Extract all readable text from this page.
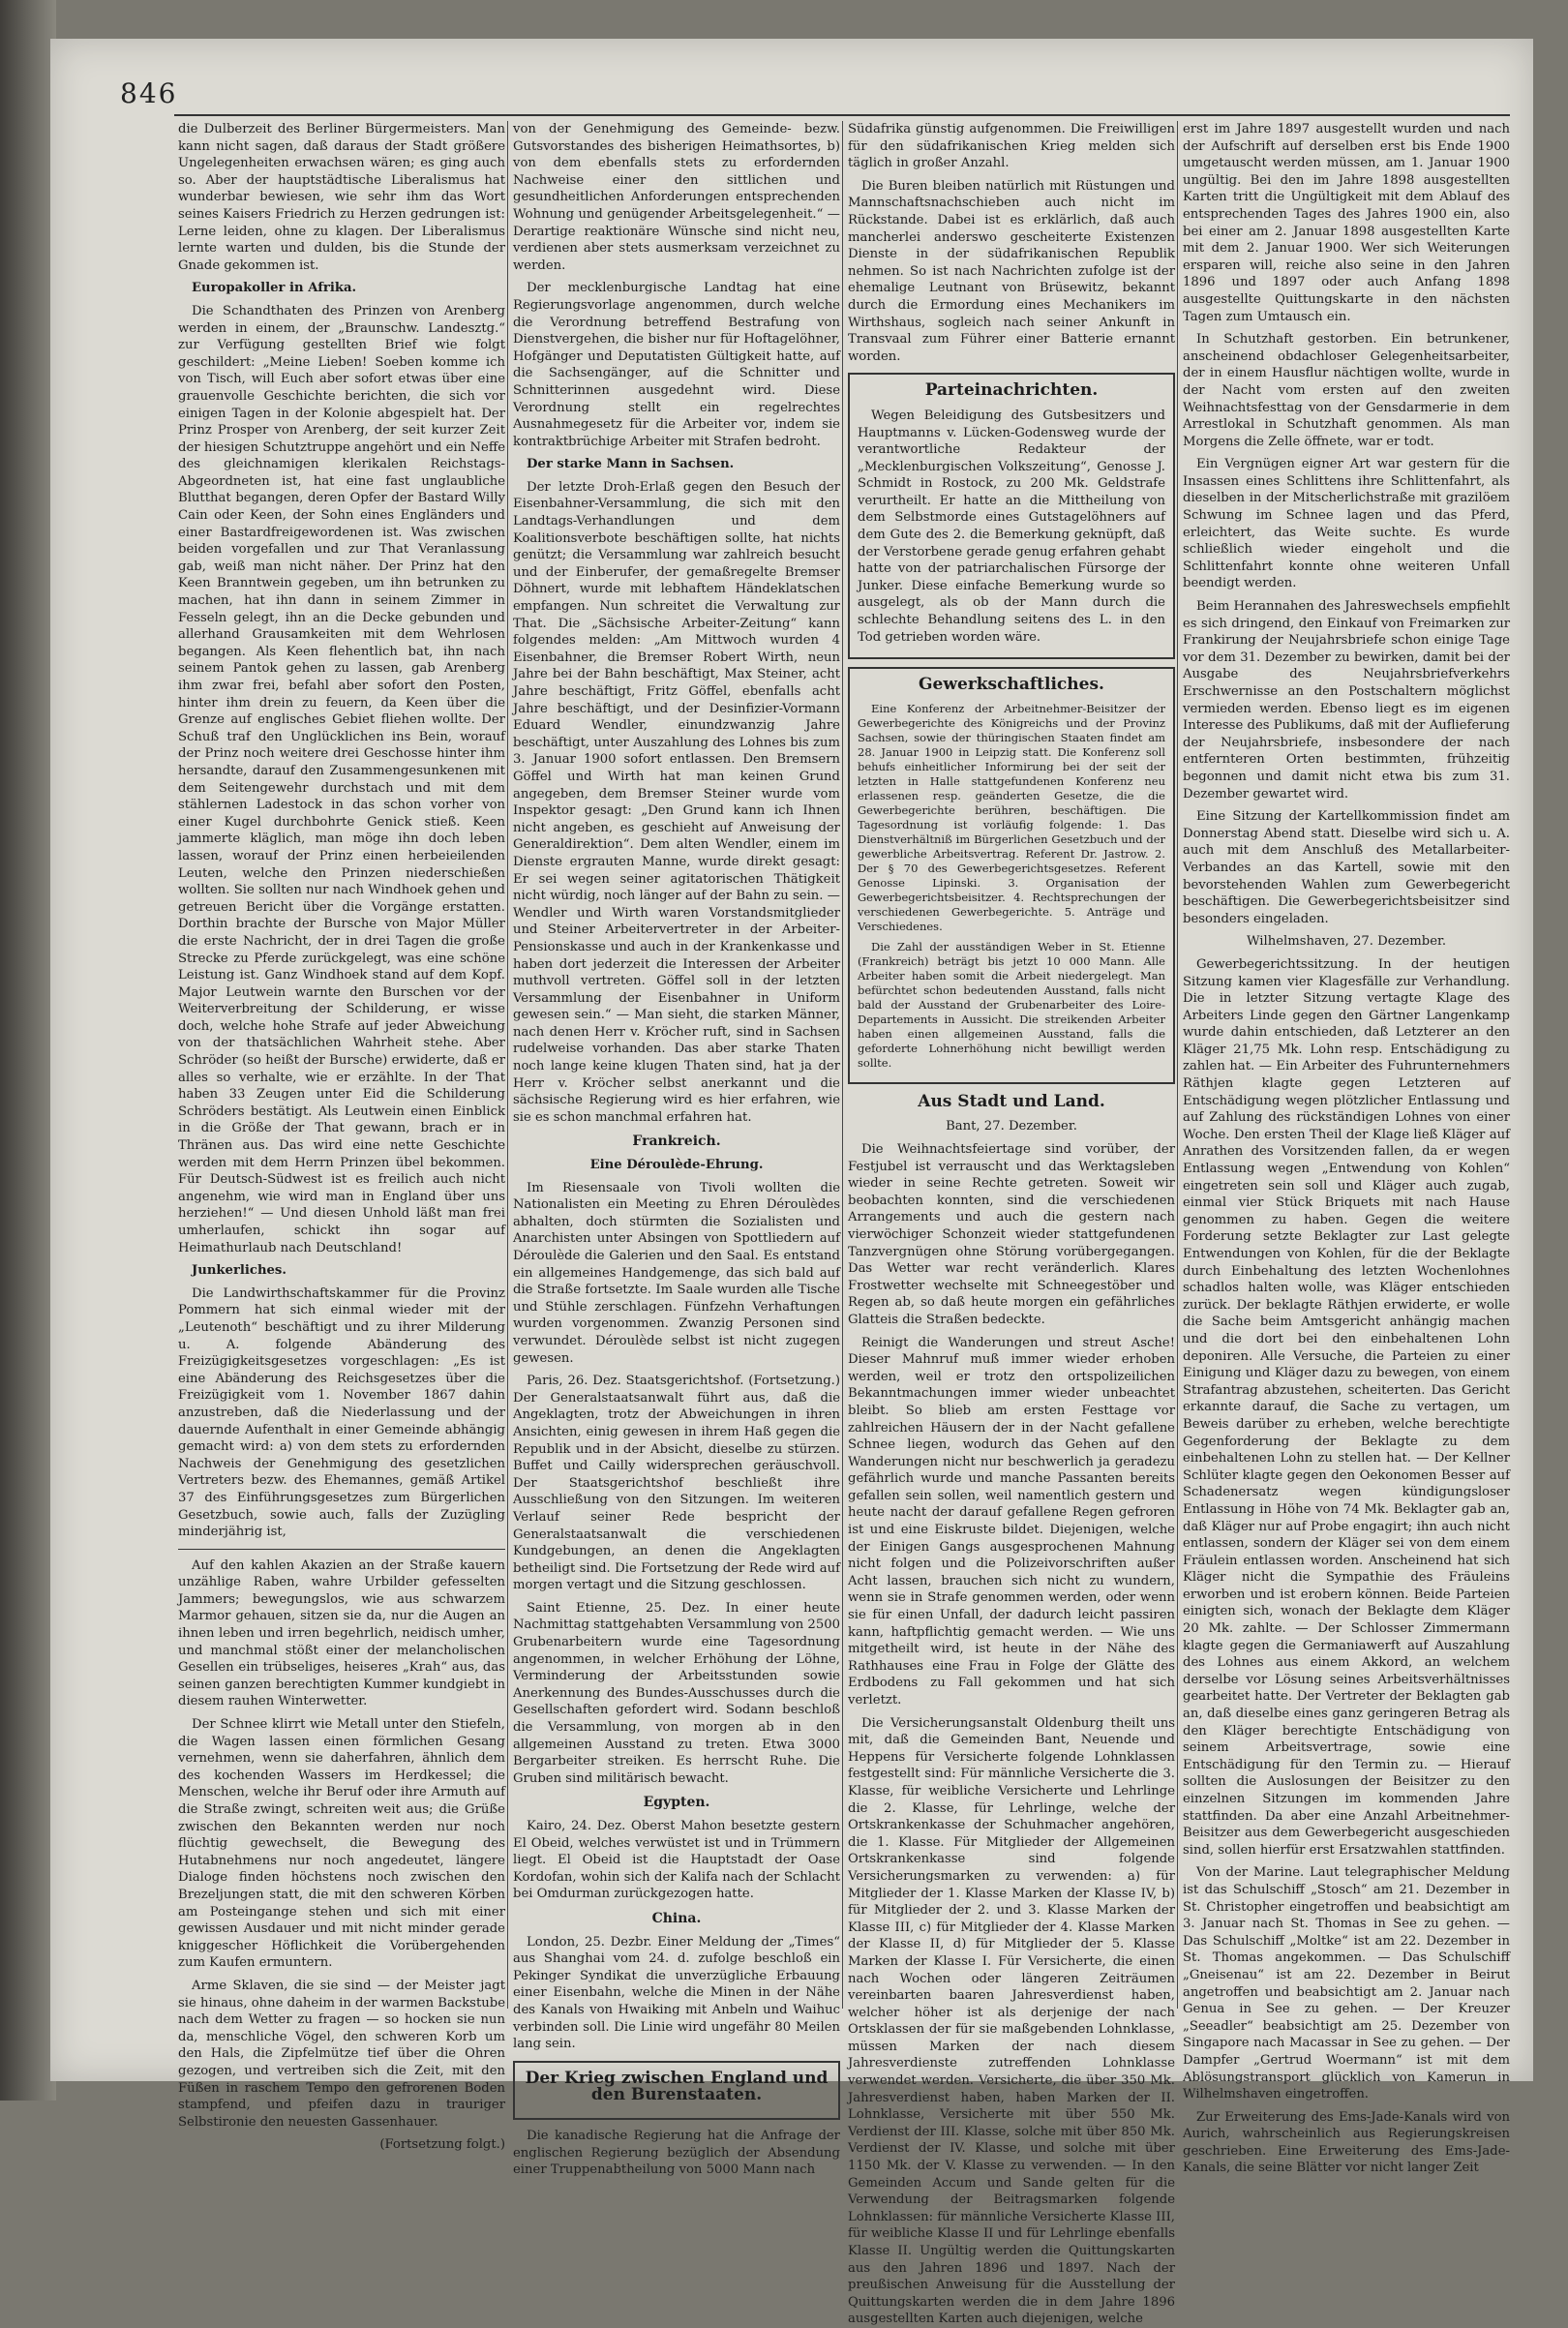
846

die Dulberzeit des Berliner Bürgermeisters. Man kann nicht sagen, daß daraus der Stadt größere Ungelegenheiten erwachsen wären; es ging auch so. Aber der hauptstädtische Liberalismus hat wunderbar bewiesen, wie sehr ihm das Wort seines Kaisers Friedrich zu Herzen gedrungen ist: Lerne leiden, ohne zu klagen. Der Liberalismus lernte warten und dulden, bis die Stunde der Gnade gekommen ist.

Europakoller in Afrika.

Die Schandthaten des Prinzen von Arenberg werden in einem, der „Braunschw. Landesztg.“ zur Verfügung gestellten Brief wie folgt geschildert: „Meine Lieben! Soeben komme ich von Tisch, will Euch aber sofort etwas über eine grauenvolle Geschichte berichten, die sich vor einigen Tagen in der Kolonie abgespielt hat. Der Prinz Prosper von Arenberg, der seit kurzer Zeit der hiesigen Schutztruppe angehört und ein Neffe des gleichnamigen klerikalen Reichstags-Abgeordneten ist, hat eine fast unglaubliche Blutthat begangen, deren Opfer der Bastard Willy Cain oder Keen, der Sohn eines Engländers und einer Bastardfreigewordenen ist. Was zwischen beiden vorgefallen und zur That Veranlassung gab, weiß man nicht näher. Der Prinz hat den Keen Branntwein gegeben, um ihn betrunken zu machen, hat ihn dann in seinem Zimmer in Fesseln gelegt, ihn an die Decke gebunden und allerhand Grausamkeiten mit dem Wehrlosen begangen. Als Keen flehentlich bat, ihn nach seinem Pantok gehen zu lassen, gab Arenberg ihm zwar frei, befahl aber sofort den Posten, hinter ihm drein zu feuern, da Keen über die Grenze auf englisches Gebiet fliehen wollte. Der Schuß traf den Unglücklichen ins Bein, worauf der Prinz noch weitere drei Geschosse hinter ihm hersandte, darauf den Zusammengesunkenen mit dem Seitengewehr durchstach und mit dem stählernen Ladestock in das schon vorher von einer Kugel durchbohrte Genick stieß. Keen jammerte kläglich, man möge ihn doch leben lassen, worauf der Prinz einen herbeieilenden Leuten, welche den Prinzen niederschießen wollten. Sie sollten nur nach Windhoek gehen und getreuen Bericht über die Vorgänge erstatten. Dorthin brachte der Bursche von Major Müller die erste Nachricht, der in drei Tagen die große Strecke zu Pferde zurückgelegt, was eine schöne Leistung ist. Ganz Windhoek stand auf dem Kopf. Major Leutwein warnte den Burschen vor der Weiterverbreitung der Schilderung, er wisse doch, welche hohe Strafe auf jeder Abweichung von der thatsächlichen Wahrheit stehe. Aber Schröder (so heißt der Bursche) erwiderte, daß er alles so verhalte, wie er erzählte. In der That haben 33 Zeugen unter Eid die Schilderung Schröders bestätigt. Als Leutwein einen Einblick in die Größe der That gewann, brach er in Thränen aus. Das wird eine nette Geschichte werden mit dem Herrn Prinzen übel bekommen. Für Deutsch-Südwest ist es freilich auch nicht angenehm, wie wird man in England über uns herziehen!“ — Und diesen Unhold läßt man frei umherlaufen, schickt ihn sogar auf Heimathurlaub nach Deutschland!

Junkerliches.

Die Landwirthschaftskammer für die Provinz Pommern hat sich einmal wieder mit der „Leutenoth“ beschäftigt und zu ihrer Milderung u. A. folgende Abänderung des Freizügigkeitsgesetzes vorgeschlagen: „Es ist eine Abänderung des Reichsgesetzes über die Freizügigkeit vom 1. November 1867 dahin anzustreben, daß die Niederlassung und der dauernde Aufenthalt in einer Gemeinde abhängig gemacht wird: a) von dem stets zu erfordernden Nachweis der Genehmigung des gesetzlichen Vertreters bezw. des Ehemannes, gemäß Artikel 37 des Einführungsgesetzes zum Bürgerlichen Gesetzbuch, sowie auch, falls der Zuzügling minderjährig ist,

Auf den kahlen Akazien an der Straße kauern unzählige Raben, wahre Urbilder gefesselten Jammers; bewegungslos, wie aus schwarzem Marmor gehauen, sitzen sie da, nur die Augen an ihnen leben und irren begehrlich, neidisch umher, und manchmal stößt einer der melancholischen Gesellen ein trübseliges, heiseres „Krah“ aus, das seinen ganzen berechtigten Kummer kundgiebt in diesem rauhen Winterwetter.

Der Schnee klirrt wie Metall unter den Stiefeln, die Wagen lassen einen förmlichen Gesang vernehmen, wenn sie daherfahren, ähnlich dem des kochenden Wassers im Herdkessel; die Menschen, welche ihr Beruf oder ihre Armuth auf die Straße zwingt, schreiten weit aus; die Grüße zwischen den Bekannten werden nur noch flüchtig gewechselt, die Bewegung des Hutabnehmens nur noch angedeutet, längere Dialoge finden höchstens noch zwischen den Brezeljungen statt, die mit den schweren Körben am Posteingange stehen und sich mit einer gewissen Ausdauer und mit nicht minder gerade kniggescher Höflichkeit die Vorübergehenden zum Kaufen ermuntern.

Arme Sklaven, die sie sind — der Meister jagt sie hinaus, ohne daheim in der warmen Backstube nach dem Wetter zu fragen — so hocken sie nun da, menschliche Vögel, den schweren Korb um den Hals, die Zipfelmütze tief über die Ohren gezogen, und vertreiben sich die Zeit, mit den Füßen in raschem Tempo den gefrorenen Boden stampfend, und pfeifen dazu in trauriger Selbstironie den neuesten Gassenhauer.

(Fortsetzung folgt.)

von der Genehmigung des Gemeinde- bezw. Gutsvorstandes des bisherigen Heimathsortes, b) von dem ebenfalls stets zu erfordernden Nachweise einer den sittlichen und gesundheitlichen Anforderungen entsprechenden Wohnung und genügender Arbeitsgelegenheit.“ — Derartige reaktionäre Wünsche sind nicht neu, verdienen aber stets ausmerksam verzeichnet zu werden.

Der mecklenburgische Landtag hat eine Regierungsvorlage angenommen, durch welche die Verordnung betreffend Bestrafung von Dienstvergehen, die bisher nur für Hoftagelöhner, Hofgänger und Deputatisten Gültigkeit hatte, auf die Sachsengänger, auf die Schnitter und Schnitterinnen ausgedehnt wird. Diese Verordnung stellt ein regelrechtes Ausnahmegesetz für die Arbeiter vor, indem sie kontraktbrüchige Arbeiter mit Strafen bedroht.

Der starke Mann in Sachsen.

Der letzte Droh-Erlaß gegen den Besuch der Eisenbahner-Versammlung, die sich mit den Landtags-Verhandlungen und dem Koalitionsverbote beschäftigen sollte, hat nichts genützt; die Versammlung war zahlreich besucht und der Einberufer, der gemaßregelte Bremser Döhnert, wurde mit lebhaftem Händeklatschen empfangen. Nun schreitet die Verwaltung zur That. Die „Sächsische Arbeiter-Zeitung“ kann folgendes melden: „Am Mittwoch wurden 4 Eisenbahner, die Bremser Robert Wirth, neun Jahre bei der Bahn beschäftigt, Max Steiner, acht Jahre beschäftigt, Fritz Göffel, ebenfalls acht Jahre beschäftigt, und der Desinfizier-Vormann Eduard Wendler, einundzwanzig Jahre beschäftigt, unter Auszahlung des Lohnes bis zum 3. Januar 1900 sofort entlassen. Den Bremsern Göffel und Wirth hat man keinen Grund angegeben, dem Bremser Steiner wurde vom Inspektor gesagt: „Den Grund kann ich Ihnen nicht angeben, es geschieht auf Anweisung der Generaldirektion“. Dem alten Wendler, einem im Dienste ergrauten Manne, wurde direkt gesagt: Er sei wegen seiner agitatorischen Thätigkeit nicht würdig, noch länger auf der Bahn zu sein. — Wendler und Wirth waren Vorstandsmitglieder und Steiner Arbeitervertreter in der Arbeiter-Pensionskasse und auch in der Krankenkasse und haben dort jederzeit die Interessen der Arbeiter muthvoll vertreten. Göffel soll in der letzten Versammlung der Eisenbahner in Uniform gewesen sein.“ — Man sieht, die starken Männer, nach denen Herr v. Kröcher ruft, sind in Sachsen rudelweise vorhanden. Das aber starke Thaten noch lange keine klugen Thaten sind, hat ja der Herr v. Kröcher selbst anerkannt und die sächsische Regierung wird es hier erfahren, wie sie es schon manchmal erfahren hat.

Frankreich.

Eine Déroulède-Ehrung.

Im Riesensaale von Tivoli wollten die Nationalisten ein Meeting zu Ehren Déroulèdes abhalten, doch stürmten die Sozialisten und Anarchisten unter Absingen von Spottliedern auf Déroulède die Galerien und den Saal. Es entstand ein allgemeines Handgemenge, das sich bald auf die Straße fortsetzte. Im Saale wurden alle Tische und Stühle zerschlagen. Fünfzehn Verhaftungen wurden vorgenommen. Zwanzig Personen sind verwundet. Déroulède selbst ist nicht zugegen gewesen.

Paris, 26. Dez. Staatsgerichtshof. (Fortsetzung.) Der Generalstaatsanwalt führt aus, daß die Angeklagten, trotz der Abweichungen in ihren Ansichten, einig gewesen in ihrem Haß gegen die Republik und in der Absicht, dieselbe zu stürzen. Buffet und Cailly widersprechen geräuschvoll. Der Staatsgerichtshof beschließt ihre Ausschließung von den Sitzungen. Im weiteren Verlauf seiner Rede bespricht der Generalstaatsanwalt die verschiedenen Kundgebungen, an denen die Angeklagten betheiligt sind. Die Fortsetzung der Rede wird auf morgen vertagt und die Sitzung geschlossen.

Saint Etienne, 25. Dez. In einer heute Nachmittag stattgehabten Versammlung von 2500 Grubenarbeitern wurde eine Tagesordnung angenommen, in welcher Erhöhung der Löhne, Verminderung der Arbeitsstunden sowie Anerkennung des Bundes-Ausschusses durch die Gesellschaften gefordert wird. Sodann beschloß die Versammlung, von morgen ab in den allgemeinen Ausstand zu treten. Etwa 3000 Bergarbeiter streiken. Es herrscht Ruhe. Die Gruben sind militärisch bewacht.

Egypten.

Kairo, 24. Dez. Oberst Mahon besetzte gestern El Obeid, welches verwüstet ist und in Trümmern liegt. El Obeid ist die Hauptstadt der Oase Kordofan, wohin sich der Kalifa nach der Schlacht bei Omdurman zurückgezogen hatte.

China.

London, 25. Dezbr. Einer Meldung der „Times“ aus Shanghai vom 24. d. zufolge beschloß ein Pekinger Syndikat die unverzügliche Erbauung einer Eisenbahn, welche die Minen in der Nähe des Kanals von Hwaiking mit Anbeln und Waihuc verbinden soll. Die Linie wird ungefähr 80 Meilen lang sein.

Der Krieg zwischen England und den Burenstaaten.

Die kanadische Regierung hat die Anfrage der englischen Regierung bezüglich der Absendung einer Truppenabtheilung von 5000 Mann nach

Südafrika günstig aufgenommen. Die Freiwilligen für den südafrikanischen Krieg melden sich täglich in großer Anzahl.

Die Buren bleiben natürlich mit Rüstungen und Mannschaftsnachschieben auch nicht im Rückstande. Dabei ist es erklärlich, daß auch mancherlei anderswo gescheiterte Existenzen Dienste in der südafrikanischen Republik nehmen. So ist nach Nachrichten zufolge ist der ehemalige Leutnant von Brüsewitz, bekannt durch die Ermordung eines Mechanikers im Wirthshaus, sogleich nach seiner Ankunft in Transvaal zum Führer einer Batterie ernannt worden.

Parteinachrichten.

Wegen Beleidigung des Gutsbesitzers und Hauptmanns v. Lücken-Godensweg wurde der verantwortliche Redakteur der „Mecklenburgischen Volkszeitung“, Genosse J. Schmidt in Rostock, zu 200 Mk. Geldstrafe verurtheilt. Er hatte an die Mittheilung von dem Selbstmorde eines Gutstagelöhners auf dem Gute des 2. die Bemerkung geknüpft, daß der Verstorbene gerade genug erfahren gehabt hatte von der patriarchalischen Fürsorge der Junker. Diese einfache Bemerkung wurde so ausgelegt, als ob der Mann durch die schlechte Behandlung seitens des L. in den Tod getrieben worden wäre.

Gewerkschaftliches.

Eine Konferenz der Arbeitnehmer-Beisitzer der Gewerbegerichte des Königreichs und der Provinz Sachsen, sowie der thüringischen Staaten findet am 28. Januar 1900 in Leipzig statt. Die Konferenz soll behufs einheitlicher Informirung bei der seit der letzten in Halle stattgefundenen Konferenz neu erlassenen resp. geänderten Gesetze, die die Gewerbegerichte berühren, beschäftigen. Die Tagesordnung ist vorläufig folgende: 1. Das Dienstverhältniß im Bürgerlichen Gesetzbuch und der gewerbliche Arbeitsvertrag. Referent Dr. Jastrow. 2. Der § 70 des Gewerbegerichtsgesetzes. Referent Genosse Lipinski. 3. Organisation der Gewerbegerichtsbeisitzer. 4. Rechtsprechungen der verschiedenen Gewerbegerichte. 5. Anträge und Verschiedenes.

Die Zahl der ausständigen Weber in St. Etienne (Frankreich) beträgt bis jetzt 10 000 Mann. Alle Arbeiter haben somit die Arbeit niedergelegt. Man befürchtet schon bedeutenden Ausstand, falls nicht bald der Ausstand der Grubenarbeiter des Loire-Departements in Aussicht. Die streikenden Arbeiter haben einen allgemeinen Ausstand, falls die geforderte Lohnerhöhung nicht bewilligt werden sollte.

Aus Stadt und Land.

Bant, 27. Dezember.

Die Weihnachtsfeiertage sind vorüber, der Festjubel ist verrauscht und das Werktagsleben wieder in seine Rechte getreten. Soweit wir beobachten konnten, sind die verschiedenen Arrangements und auch die gestern nach vierwöchiger Schonzeit wieder stattgefundenen Tanzvergnügen ohne Störung vorübergegangen. Das Wetter war recht veränderlich. Klares Frostwetter wechselte mit Schneegestöber und Regen ab, so daß heute morgen ein gefährliches Glatteis die Straßen bedeckte.

Reinigt die Wanderungen und streut Asche! Dieser Mahnruf muß immer wieder erhoben werden, weil er trotz den ortspolizeilichen Bekanntmachungen immer wieder unbeachtet bleibt. So blieb am ersten Festtage vor zahlreichen Häusern der in der Nacht gefallene Schnee liegen, wodurch das Gehen auf den Wanderungen nicht nur beschwerlich ja geradezu gefährlich wurde und manche Passanten bereits gefallen sein sollen, weil namentlich gestern und heute nacht der darauf gefallene Regen gefroren ist und eine Eiskruste bildet. Diejenigen, welche der Einigen Gangs ausgesprochenen Mahnung nicht folgen und die Polizeivorschriften außer Acht lassen, brauchen sich nicht zu wundern, wenn sie in Strafe genommen werden, oder wenn sie für einen Unfall, der dadurch leicht passiren kann, haftpflichtig gemacht werden. — Wie uns mitgetheilt wird, ist heute in der Nähe des Rathhauses eine Frau in Folge der Glätte des Erdbodens zu Fall gekommen und hat sich verletzt.

Die Versicherungsanstalt Oldenburg theilt uns mit, daß die Gemeinden Bant, Neuende und Heppens für Versicherte folgende Lohnklassen festgestellt sind: Für männliche Versicherte die 3. Klasse, für weibliche Versicherte und Lehrlinge die 2. Klasse, für Lehrlinge, welche der Ortskrankenkasse der Schuhmacher angehören, die 1. Klasse. Für Mitglieder der Allgemeinen Ortskrankenkasse sind folgende Versicherungsmarken zu verwenden: a) für Mitglieder der 1. Klasse Marken der Klasse IV, b) für Mitglieder der 2. und 3. Klasse Marken der Klasse III, c) für Mitglieder der 4. Klasse Marken der Klasse II, d) für Mitglieder der 5. Klasse Marken der Klasse I. Für Versicherte, die einen nach Wochen oder längeren Zeiträumen vereinbarten baaren Jahresverdienst haben, welcher höher ist als derjenige der nach Ortsklassen der für sie maßgebenden Lohnklasse, müssen Marken der nach diesem Jahresverdienste zutreffenden Lohnklasse verwendet werden. Versicherte, die über 350 Mk. Jahresverdienst haben, haben Marken der II. Lohnklasse, Versicherte mit über 550 Mk. Verdienst der III. Klasse, solche mit über 850 Mk. Verdienst der IV. Klasse, und solche mit über 1150 Mk. der V. Klasse zu verwenden. — In den Gemeinden Accum und Sande gelten für die Verwendung der Beitragsmarken folgende Lohnklassen: für männliche Versicherte Klasse III, für weibliche Klasse II und für Lehrlinge ebenfalls Klasse II. Ungültig werden die Quittungskarten aus den Jahren 1896 und 1897. Nach der preußischen Anweisung für die Ausstellung der Quittungskarten werden die in dem Jahre 1896 ausgestellten Karten auch diejenigen, welche

erst im Jahre 1897 ausgestellt wurden und nach der Aufschrift auf derselben erst bis Ende 1900 umgetauscht werden müssen, am 1. Januar 1900 ungültig. Bei den im Jahre 1898 ausgestellten Karten tritt die Ungültigkeit mit dem Ablauf des entsprechenden Tages des Jahres 1900 ein, also bei einer am 2. Januar 1898 ausgestellten Karte mit dem 2. Januar 1900. Wer sich Weiterungen ersparen will, reiche also seine in den Jahren 1896 und 1897 oder auch Anfang 1898 ausgestellte Quittungskarte in den nächsten Tagen zum Umtausch ein.

In Schutzhaft gestorben. Ein betrunkener, anscheinend obdachloser Gelegenheitsarbeiter, der in einem Hausflur nächtigen wollte, wurde in der Nacht vom ersten auf den zweiten Weihnachtsfesttag von der Gensdarmerie in dem Arrestlokal in Schutzhaft genommen. Als man Morgens die Zelle öffnete, war er todt.

Ein Vergnügen eigner Art war gestern für die Insassen eines Schlittens ihre Schlittenfahrt, als dieselben in der Mitscherlichstraße mit grazilöem Schwung im Schnee lagen und das Pferd, erleichtert, das Weite suchte. Es wurde schließlich wieder eingeholt und die Schlittenfahrt konnte ohne weiteren Unfall beendigt werden.

Beim Herannahen des Jahreswechsels empfiehlt es sich dringend, den Einkauf von Freimarken zur Frankirung der Neujahrsbriefe schon einige Tage vor dem 31. Dezember zu bewirken, damit bei der Ausgabe des Neujahrsbriefverkehrs Erschwernisse an den Postschaltern möglichst vermieden werden. Ebenso liegt es im eigenen Interesse des Publikums, daß mit der Auflieferung der Neujahrsbriefe, insbesondere der nach entfernteren Orten bestimmten, frühzeitig begonnen und damit nicht etwa bis zum 31. Dezember gewartet wird.

Eine Sitzung der Kartellkommission findet am Donnerstag Abend statt. Dieselbe wird sich u. A. auch mit dem Anschluß des Metallarbeiter-Verbandes an das Kartell, sowie mit den bevorstehenden Wahlen zum Gewerbegericht beschäftigen. Die Gewerbegerichtsbeisitzer sind besonders eingeladen.

Wilhelmshaven, 27. Dezember.

Gewerbegerichtssitzung. In der heutigen Sitzung kamen vier Klagesfälle zur Verhandlung. Die in letzter Sitzung vertagte Klage des Arbeiters Linde gegen den Gärtner Langenkamp wurde dahin entschieden, daß Letzterer an den Kläger 21,75 Mk. Lohn resp. Entschädigung zu zahlen hat. — Ein Arbeiter des Fuhrunternehmers Räthjen klagte gegen Letzteren auf Entschädigung wegen plötzlicher Entlassung und auf Zahlung des rückständigen Lohnes von einer Woche. Den ersten Theil der Klage ließ Kläger auf Anrathen des Vorsitzenden fallen, da er wegen Entlassung wegen „Entwendung von Kohlen“ eingetreten sein soll und Kläger auch zugab, einmal vier Stück Briquets mit nach Hause genommen zu haben. Gegen die weitere Forderung setzte Beklagter zur Last gelegte Entwendungen von Kohlen, für die der Beklagte durch Einbehaltung des letzten Wochenlohnes schadlos halten wolle, was Kläger entschieden zurück. Der beklagte Räthjen erwiderte, er wolle die Sache beim Amtsgericht anhängig machen und die dort bei den einbehaltenen Lohn deponiren. Alle Versuche, die Parteien zu einer Einigung und Kläger dazu zu bewegen, von einem Strafantrag abzustehen, scheiterten. Das Gericht erkannte darauf, die Sache zu vertagen, um Beweis darüber zu erheben, welche berechtigte Gegenforderung der Beklagte zu dem einbehaltenen Lohn zu stellen hat. — Der Kellner Schlüter klagte gegen den Oekonomen Besser auf Schadenersatz wegen kündigungsloser Entlassung in Höhe von 74 Mk. Beklagter gab an, daß Kläger nur auf Probe engagirt; ihn auch nicht entlassen, sondern der Kläger sei von dem einem Fräulein entlassen worden. Anscheinend hat sich Kläger nicht die Sympathie des Fräuleins erworben und ist erobern können. Beide Parteien einigten sich, wonach der Beklagte dem Kläger 20 Mk. zahlte. — Der Schlosser Zimmermann klagte gegen die Germaniawerft auf Auszahlung des Lohnes aus einem Akkord, an welchem derselbe vor Lösung seines Arbeitsverhältnisses gearbeitet hatte. Der Vertreter der Beklagten gab an, daß dieselbe eines ganz geringeren Betrag als den Kläger berechtigte Entschädigung von seinem Arbeitsvertrage, sowie eine Entschädigung für den Termin zu. — Hierauf sollten die Auslosungen der Beisitzer zu den einzelnen Sitzungen im kommenden Jahre stattfinden. Da aber eine Anzahl Arbeitnehmer-Beisitzer aus dem Gewerbegericht ausgeschieden sind, sollen hierfür erst Ersatzwahlen stattfinden.

Von der Marine. Laut telegraphischer Meldung ist das Schulschiff „Stosch“ am 21. Dezember in St. Christopher eingetroffen und beabsichtigt am 3. Januar nach St. Thomas in See zu gehen. — Das Schulschiff „Moltke“ ist am 22. Dezember in St. Thomas angekommen. — Das Schulschiff „Gneisenau“ ist am 22. Dezember in Beirut angetroffen und beabsichtigt am 2. Januar nach Genua in See zu gehen. — Der Kreuzer „Seeadler“ beabsichtigt am 25. Dezember von Singapore nach Macassar in See zu gehen. — Der Dampfer „Gertrud Woermann“ ist mit dem Ablösungstransport glücklich von Kamerun in Wilhelmshaven eingetroffen.

Zur Erweiterung des Ems-Jade-Kanals wird von Aurich, wahrscheinlich aus Regierungskreisen geschrieben. Eine Erweiterung des Ems-Jade-Kanals, die seine Blätter vor nicht langer Zeit
